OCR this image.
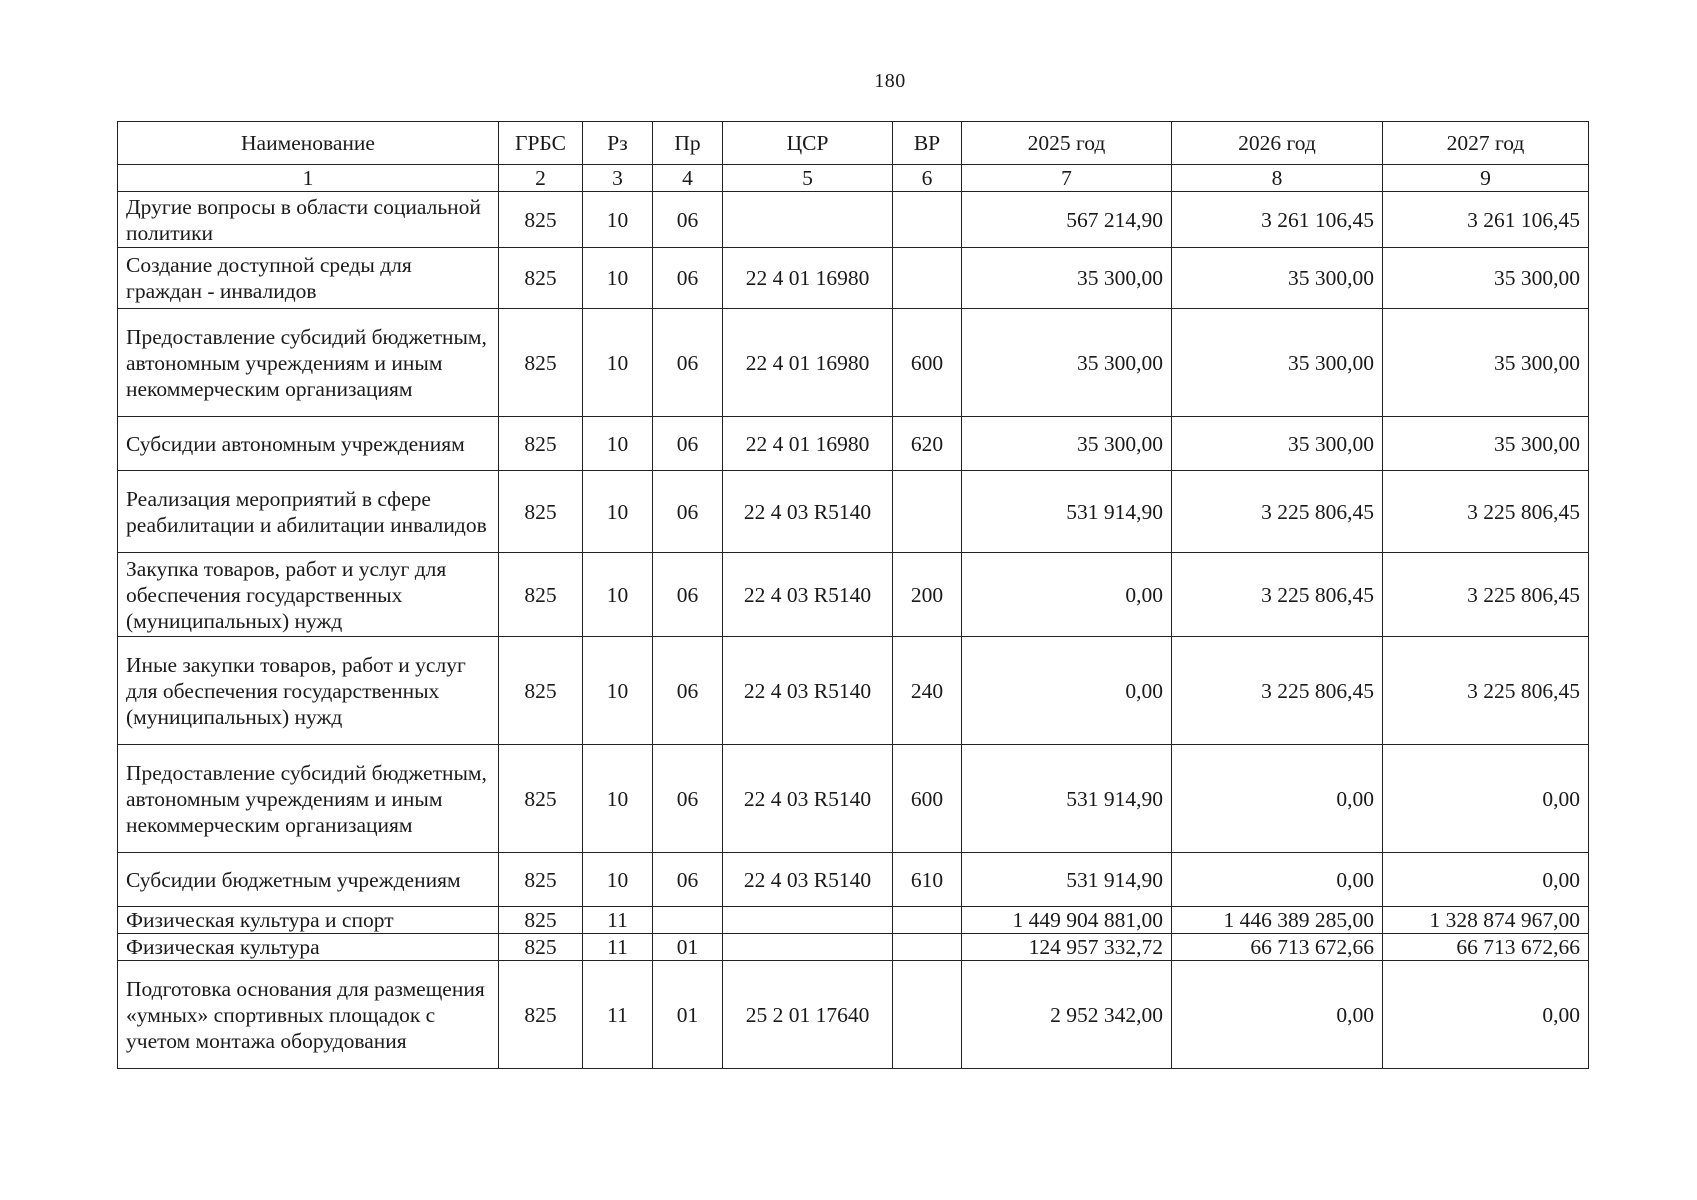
180
Наименование	ГРБС	Рз	Пр	ЦСР	ВР	2025 год	2026 год	2027 год
1	2	3	4	5	6	7	8	9
Другие вопросы в области социальной политики	825	10	06			567 214,90	3 261 106,45	3 261 106,45
Создание доступной среды для граждан - инвалидов	825	10	06	22 4 01 16980		35 300,00	35 300,00	35 300,00
Предоставление субсидий бюджетным, автономным учреждениям и иным некоммерческим организациям	825	10	06	22 4 01 16980	600	35 300,00	35 300,00	35 300,00
Субсидии автономным учреждениям	825	10	06	22 4 01 16980	620	35 300,00	35 300,00	35 300,00
Реализация мероприятий в сфере реабилитации и абилитации инвалидов	825	10	06	22 4 03 R5140		531 914,90	3 225 806,45	3 225 806,45
Закупка товаров, работ и услуг для обеспечения государственных (муниципальных) нужд	825	10	06	22 4 03 R5140	200	0,00	3 225 806,45	3 225 806,45
Иные закупки товаров, работ и услуг для обеспечения государственных (муниципальных) нужд	825	10	06	22 4 03 R5140	240	0,00	3 225 806,45	3 225 806,45
Предоставление субсидий бюджетным, автономным учреждениям и иным некоммерческим организациям	825	10	06	22 4 03 R5140	600	531 914,90	0,00	0,00
Субсидии бюджетным учреждениям	825	10	06	22 4 03 R5140	610	531 914,90	0,00	0,00
Физическая культура и спорт	825	11				1 449 904 881,00	1 446 389 285,00	1 328 874 967,00
Физическая культура	825	11	01			124 957 332,72	66 713 672,66	66 713 672,66
Подготовка основания для размещения «умных» спортивных площадок с учетом монтажа оборудования	825	11	01	25 2 01 17640		2 952 342,00	0,00	0,00
